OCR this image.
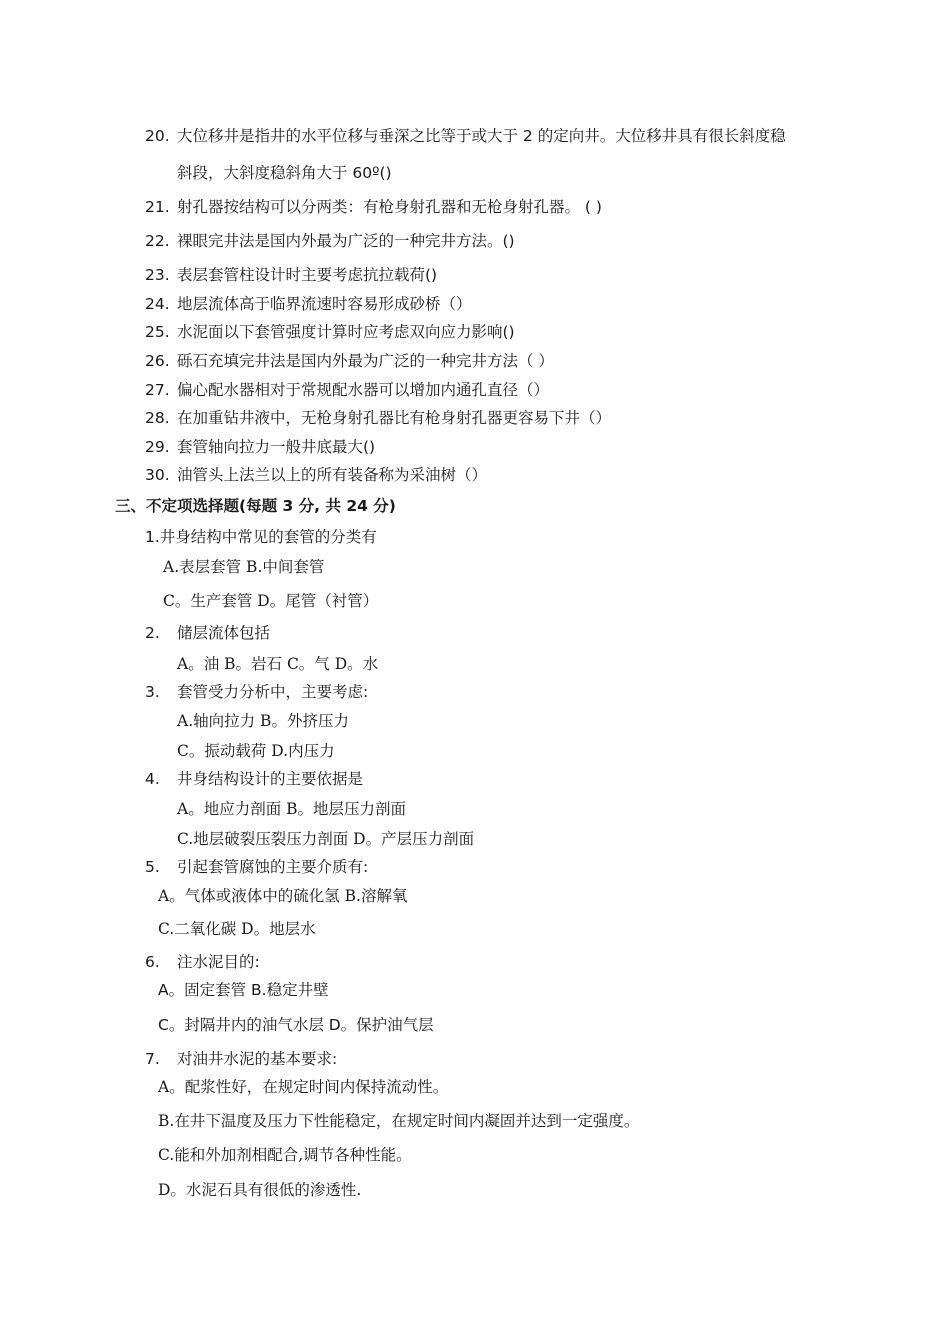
20. 大位移井是指井的水平位移与垂深之比等于或大于 2 的定向井。大位移井具有很长斜度稳
斜段，大斜度稳斜角大于 60º()
21. 射孔器按结构可以分两类：有枪身射孔器和无枪身射孔器。 ( )
22. 裸眼完井法是国内外最为广泛的一种完井方法。()
23. 表层套管柱设计时主要考虑抗拉载荷()
24. 地层流体高于临界流速时容易形成砂桥（）
25. 水泥面以下套管强度计算时应考虑双向应力影响()
26. 砾石充填完井法是国内外最为广泛的一种完井方法（ ）
27. 偏心配水器相对于常规配水器可以增加内通孔直径（）
28. 在加重钻井液中，无枪身射孔器比有枪身射孔器更容易下井（）
29. 套管轴向拉力一般井底最大()
30. 油管头上法兰以上的所有装备称为采油树（）
三、不定项选择题(每题 3 分, 共 24 分)
1.井身结构中常见的套管的分类有
A.表层套管 B.中间套管
C。生产套管 D。尾管（衬管）
2. 储层流体包括
A。油 B。岩石 C。气 D。水
3. 套管受力分析中，主要考虑:
A.轴向拉力 B。外挤压力
C。振动载荷 D.内压力
4. 井身结构设计的主要依据是
A。地应力剖面 B。地层压力剖面
C.地层破裂压裂压力剖面 D。产层压力剖面
5. 引起套管腐蚀的主要介质有:
A。气体或液体中的硫化氢 B.溶解氧
C.二氧化碳 D。地层水
6. 注水泥目的:
A。固定套管 B.稳定井壁
C。封隔井内的油气水层 D。保护油气层
7. 对油井水泥的基本要求:
A。配浆性好，在规定时间内保持流动性。
B.在井下温度及压力下性能稳定，在规定时间内凝固并达到一定强度。
C.能和外加剂相配合,调节各种性能。
D。水泥石具有很低的渗透性.
